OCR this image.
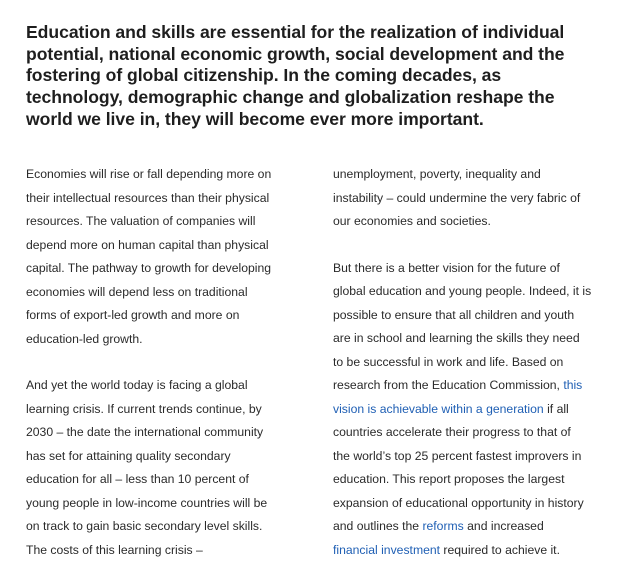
Education and skills are essential for the realization of individual
potential, national economic growth, social development and the
fostering of global citizenship. In the coming decades, as
technology, demographic change and globalization reshape the
world we live in, they will become ever more important.

Economies will rise or fall depending more on
their intellectual resources than their physical
resources. The valuation of companies will
depend more on human capital than physical
capital. The pathway to growth for developing
economies will depend less on traditional
forms of export-led growth and more on
education-led growth.

And yet the world today is facing a global
learning crisis. If current trends continue, by
2030 – the date the international community
has set for attaining quality secondary
education for all – less than 10 percent of
young people in low-income countries will be
on track to gain basic secondary level skills.
The costs of this learning crisis –

unemployment, poverty, inequality and
instability – could undermine the very fabric of
our economies and societies.

But there is a better vision for the future of
global education and young people. Indeed, it is
possible to ensure that all children and youth
are in school and learning the skills they need
to be successful in work and life. Based on
research from the Education Commission, this
vision is achievable within a generation if all
countries accelerate their progress to that of
the world’s top 25 percent fastest improvers in
education. This report proposes the largest
expansion of educational opportunity in history
and outlines the reforms and increased
financial investment required to achieve it.
